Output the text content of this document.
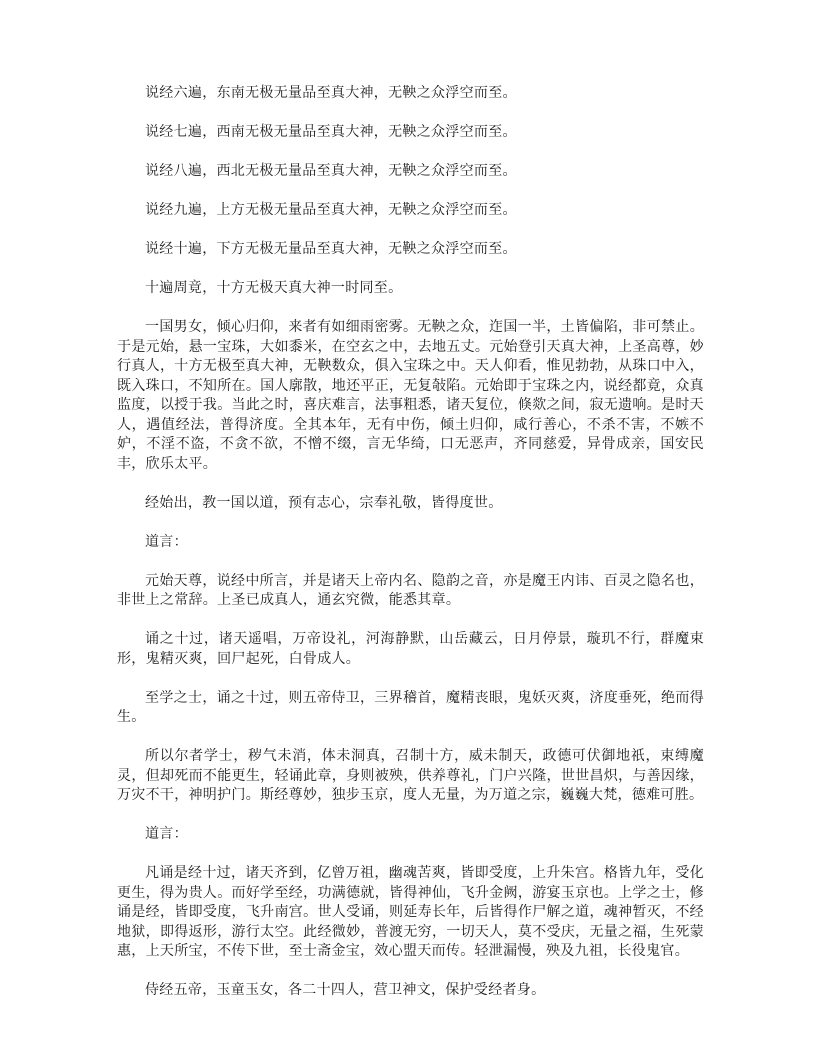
说经六遍，东南无极无量品至真大神，无鞅之众浮空而至。

说经七遍，西南无极无量品至真大神，无鞅之众浮空而至。

说经八遍，西北无极无量品至真大神，无鞅之众浮空而至。

说经九遍，上方无极无量品至真大神，无鞅之众浮空而至。

说经十遍，下方无极无量品至真大神，无鞅之众浮空而至。

十遍周竟，十方无极天真大神一时同至。

一国男女，倾心归仰，来者有如细雨密雾。无鞅之众，迮国一半，土皆偏陷，非可禁止。于是元始，悬一宝珠，大如黍米，在空玄之中，去地五丈。元始登引天真大神，上圣高尊，妙行真人，十方无极至真大神，无鞅数众，俱入宝珠之中。天人仰看，惟见勃勃，从珠口中入，既入珠口，不知所在。国人廓散，地还平正，无复敧陷。元始即于宝珠之内，说经都竟，众真监度，以授于我。当此之时，喜庆难言，法事粗悉，诸天复位，倏欻之间，寂无遗响。是时天人，遇值经法，普得济度。全其本年，无有中伤，倾土归仰，咸行善心，不杀不害，不嫉不妒，不淫不盗，不贪不欲，不憎不缀，言无华绮，口无恶声，齐同慈爱，异骨成亲，国安民丰，欣乐太平。

经始出，教一国以道，预有志心，宗奉礼敬，皆得度世。

道言：

元始天尊，说经中所言，并是诸天上帝内名、隐韵之音，亦是魔王内讳、百灵之隐名也，非世上之常辞。上圣已成真人，通玄究微，能悉其章。

诵之十过，诸天遥唱，万帝设礼，河海静默，山岳藏云，日月停景，璇玑不行，群魔束形，鬼精灭爽，回尸起死，白骨成人。

至学之士，诵之十过，则五帝侍卫，三界稽首，魔精丧眼，鬼妖灭爽，济度垂死，绝而得生。

所以尔者学士，秽气未消，体未洞真，召制十方，威未制天，政德可伏御地祇，束缚魔灵，但却死而不能更生，轻诵此章，身则被殃，供养尊礼，门户兴隆，世世昌炽，与善因缘，万灾不干，神明护门。斯经尊妙，独步玉京，度人无量，为万道之宗，巍巍大梵，德难可胜。

道言：

凡诵是经十过，诸天齐到，亿曾万祖，幽魂苦爽，皆即受度，上升朱宫。格皆九年，受化更生，得为贵人。而好学至经，功满德就，皆得神仙，飞升金阙，游宴玉京也。上学之士，修诵是经，皆即受度，飞升南宫。世人受诵，则延寿长年，后皆得作尸解之道，魂神暂灭，不经地狱，即得返形，游行太空。此经微妙，普渡无穷，一切天人，莫不受庆，无量之福，生死蒙惠，上天所宝，不传下世，至士斋金宝，效心盟天而传。轻泄漏慢，殃及九祖，长役鬼官。

侍经五帝，玉童玉女，各二十四人，营卫神文，保护受经者身。
